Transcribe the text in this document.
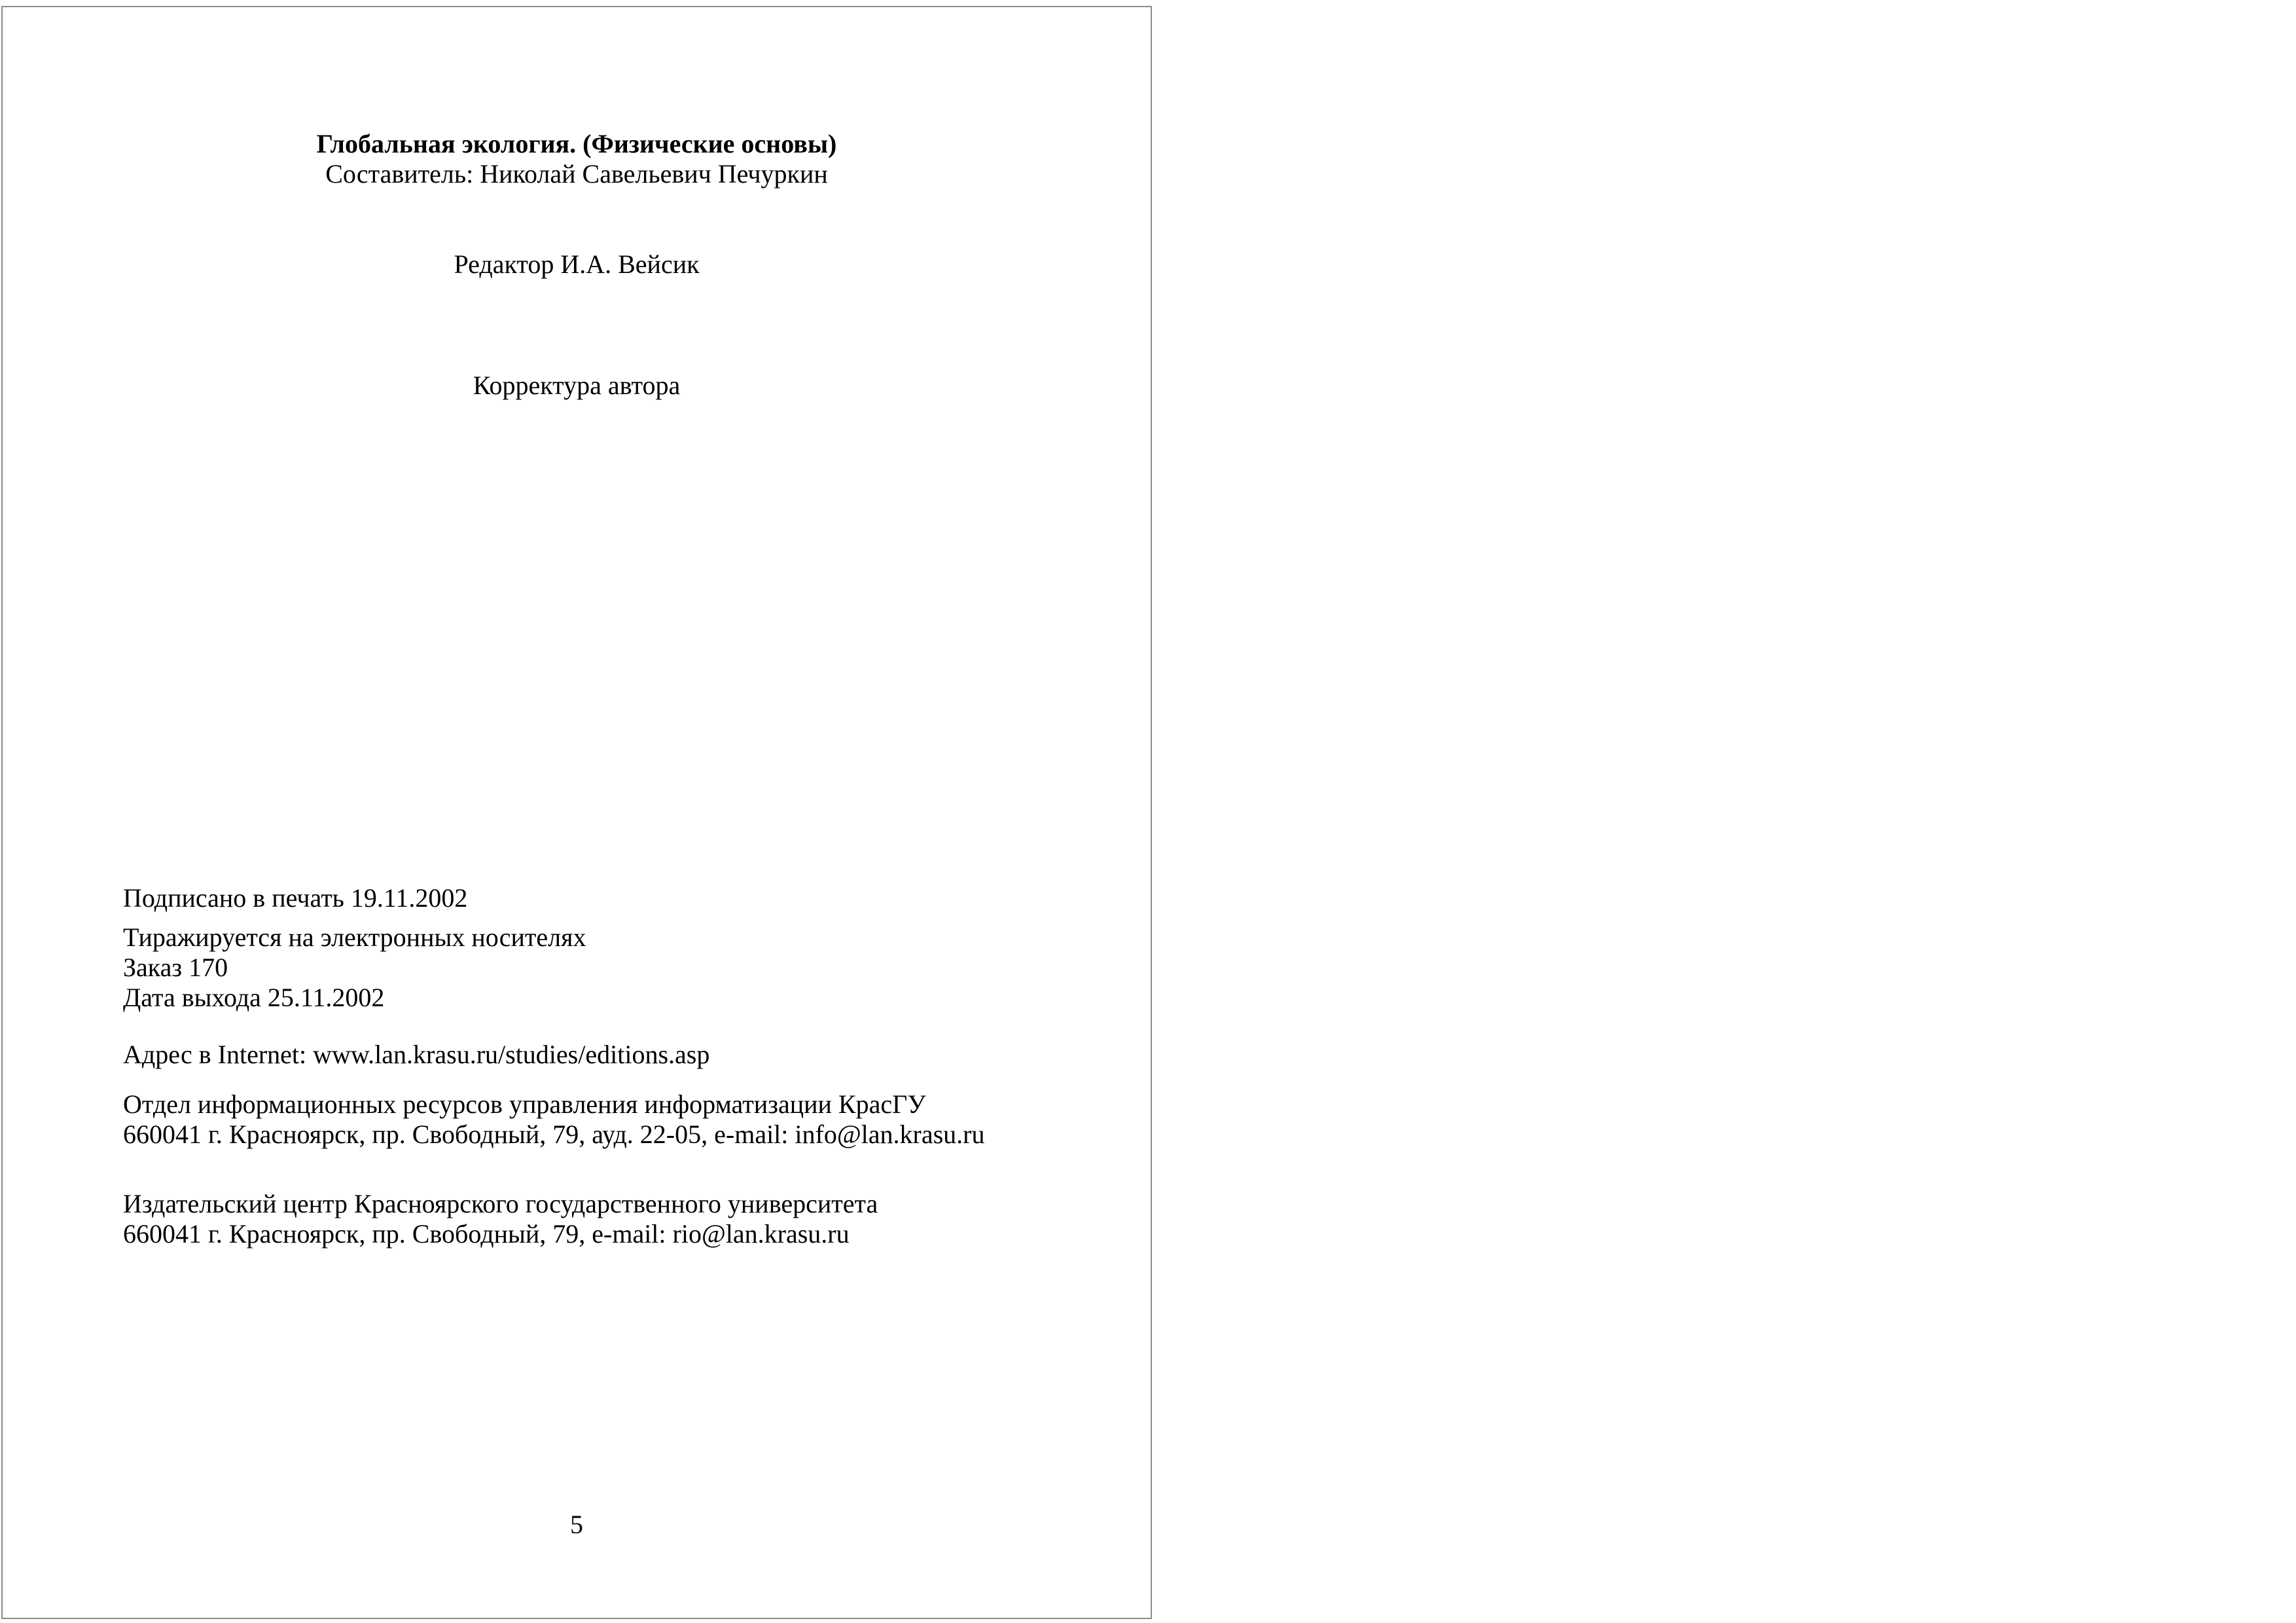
Глобальная экология. (Физические основы)
Составитель: Николай Савельевич Печуркин
Редактор И.А. Вейсик
Корректура автора
Подписано в печать 19.11.2002
Тиражируется на электронных носителях
Заказ 170
Дата выхода 25.11.2002
Адрес в Internet: www.lan.krasu.ru/studies/editions.asp
Отдел информационных ресурсов управления информатизации КрасГУ
660041 г. Красноярск, пр. Свободный, 79, ауд. 22-05, e-mail: info@lan.krasu.ru
Издательский центр Красноярского государственного университета
660041 г. Красноярск, пр. Свободный, 79, e-mail: rio@lan.krasu.ru
5
